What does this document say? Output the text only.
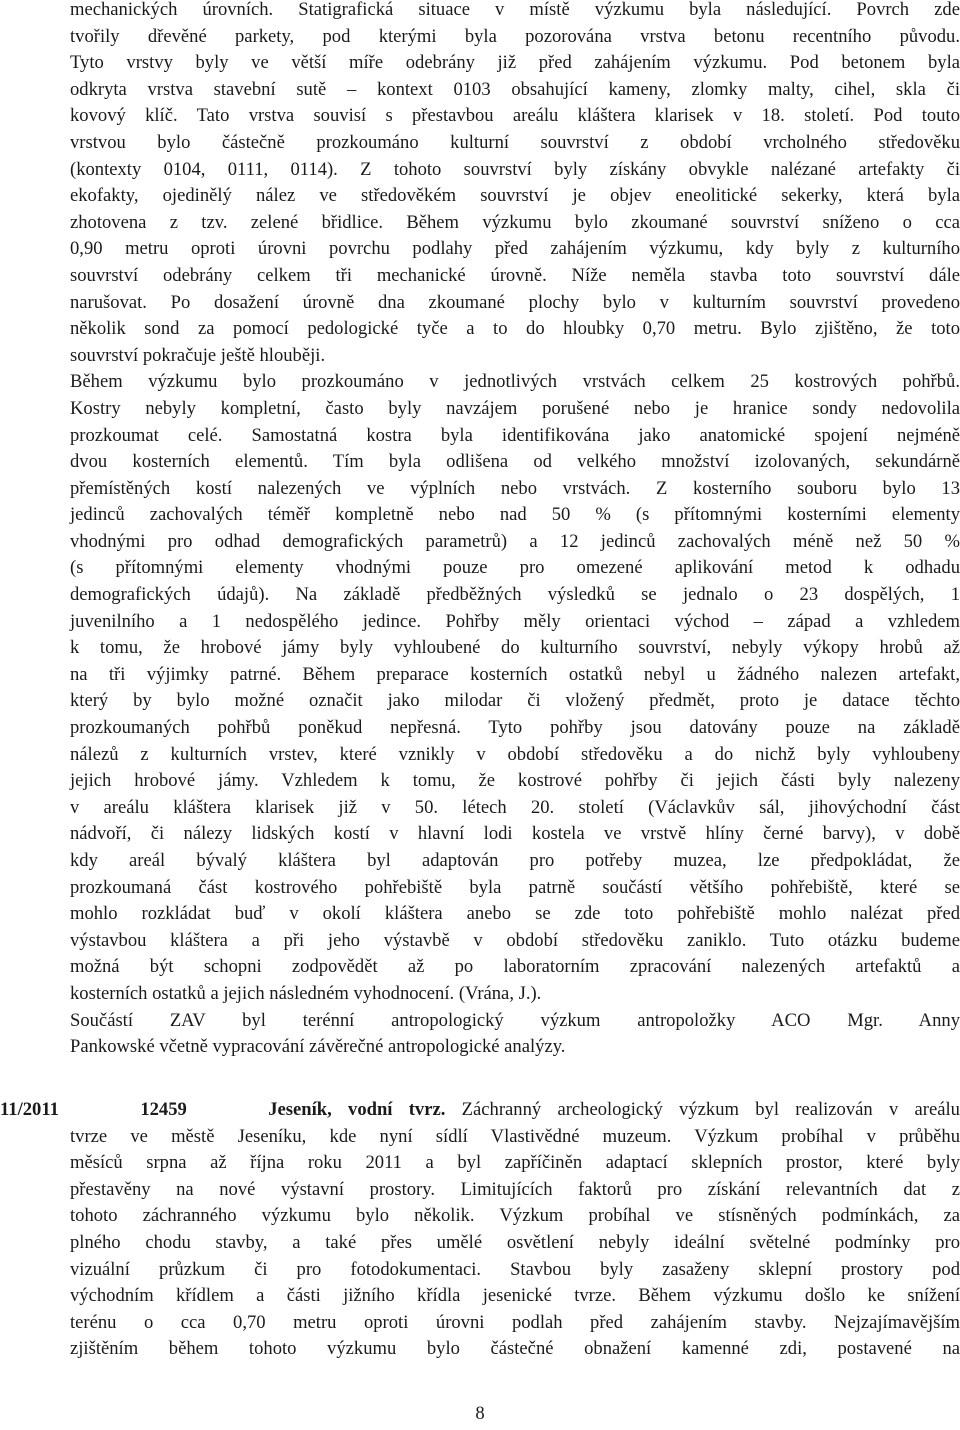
mechanických úrovních. Statigrafická situace v místě výzkumu byla následující. Povrch zde
tvořily dřevěné parkety, pod kterými byla pozorována vrstva betonu recentního původu.
Tyto vrstvy byly ve větší míře odebrány již před zahájením výzkumu. Pod betonem byla
odkryta vrstva stavební sutě – kontext 0103 obsahující kameny, zlomky malty, cihel, skla či
kovový klíč. Tato vrstva souvisí s přestavbou areálu kláštera klarisek v 18. století. Pod touto
vrstvou bylo částečně prozkoumáno kulturní souvrství z období vrcholného středověku
(kontexty 0104, 0111, 0114). Z tohoto souvrství byly získány obvykle nalézané artefakty či
ekofakty, ojedinělý nález ve středověkém souvrství je objev eneolitické sekerky, která byla
zhotovena z tzv. zelené břidlice. Během výzkumu bylo zkoumané souvrství sníženo o cca
0,90 metru oproti úrovni povrchu podlahy před zahájením výzkumu, kdy byly z kulturního
souvrství odebrány celkem tři mechanické úrovně. Níže neměla stavba toto souvrství dále
narušovat. Po dosažení úrovně dna zkoumané plochy bylo v kulturním souvrství provedeno
několik sond za pomocí pedologické tyče a to do hloubky 0,70 metru. Bylo zjištěno, že toto
souvrství pokračuje ještě hlouběji.
Během výzkumu bylo prozkoumáno v jednotlivých vrstvách celkem 25 kostrových pohřbů.
Kostry nebyly kompletní, často byly navzájem porušené nebo je hranice sondy nedovolila
prozkoumat celé. Samostatná kostra byla identifikována jako anatomické spojení nejméně
dvou kosterních elementů. Tím byla odlišena od velkého množství izolovaných, sekundárně
přemístěných kostí nalezených ve výplních nebo vrstvách. Z kosterního souboru bylo 13
jedinců zachovalých téměř kompletně nebo nad 50 % (s přítomnými kosterními elementy
vhodnými pro odhad demografických parametrů) a 12 jedinců zachovalých méně než 50 %
(s přítomnými elementy vhodnými pouze pro omezené aplikování metod k odhadu
demografických údajů). Na základě předběžných výsledků se jednalo o 23 dospělých, 1
juvenilního a 1 nedospělého jedince. Pohřby měly orientaci východ – západ a vzhledem
k tomu, že hrobové jámy byly vyhloubené do kulturního souvrství, nebyly výkopy hrobů až
na tři výjimky patrné. Během preparace kosterních ostatků nebyl u žádného nalezen artefakt,
který by bylo možné označit jako milodar či vložený předmět, proto je datace těchto
prozkoumaných pohřbů poněkud nepřesná. Tyto pohřby jsou datovány pouze na základě
nálezů z kulturních vrstev, které vznikly v období středověku a do nichž byly vyhloubeny
jejich hrobové jámy. Vzhledem k tomu, že kostrové pohřby či jejich části byly nalezeny
v areálu kláštera klarisek již v 50. létech 20. století (Václavkův sál, jihovýchodní část
nádvoří, či nálezy lidských kostí v hlavní lodi kostela ve vrstvě hlíny černé barvy), v době
kdy areál bývalý kláštera byl adaptován pro potřeby muzea, lze předpokládat, že
prozkoumaná část kostrového pohřebiště byla patrně součástí většího pohřebiště, které se
mohlo rozkládat buď v okolí kláštera anebo se zde toto pohřebiště mohlo nalézat před
výstavbou kláštera a při jeho výstavbě v období středověku zaniklo. Tuto otázku budeme
možná být schopni zodpovědět až po laboratorním zpracování nalezených artefaktů a
kosterních ostatků a jejich následném vyhodnocení. (Vrána, J.).
Součástí ZAV byl terénní antropologický výzkum antropoložky ACO Mgr. Anny
Pankowské včetně vypracování závěrečné antropologické analýzy.
11/2011	12459	Jeseník, vodní tvrz. Záchranný archeologický výzkum byl realizován v areálu
tvrze ve městě Jeseníku, kde nyní sídlí Vlastivědné muzeum. Výzkum probíhal v průběhu
měsíců srpna až října roku 2011 a byl zapříčiněn adaptací sklepních prostor, které byly
přestavěny na nové výstavní prostory. Limitujících faktorů pro získání relevantních dat z
tohoto záchranného výzkumu bylo několik. Výzkum probíhal ve stísněných podmínkách, za
plného chodu stavby, a také přes umělé osvětlení nebyly ideální světelné podmínky pro
vizuální průzkum či pro fotodokumentaci. Stavbou byly zasaženy sklepní prostory pod
východním křídlem a části jižního křídla jesenické tvrze. Během výzkumu došlo ke snížení
terénu o cca 0,70 metru oproti úrovni podlah před zahájením stavby. Nejzajímavějším
zjištěním během tohoto výzkumu bylo částečné obnažení kamenné zdi, postavené na
8
